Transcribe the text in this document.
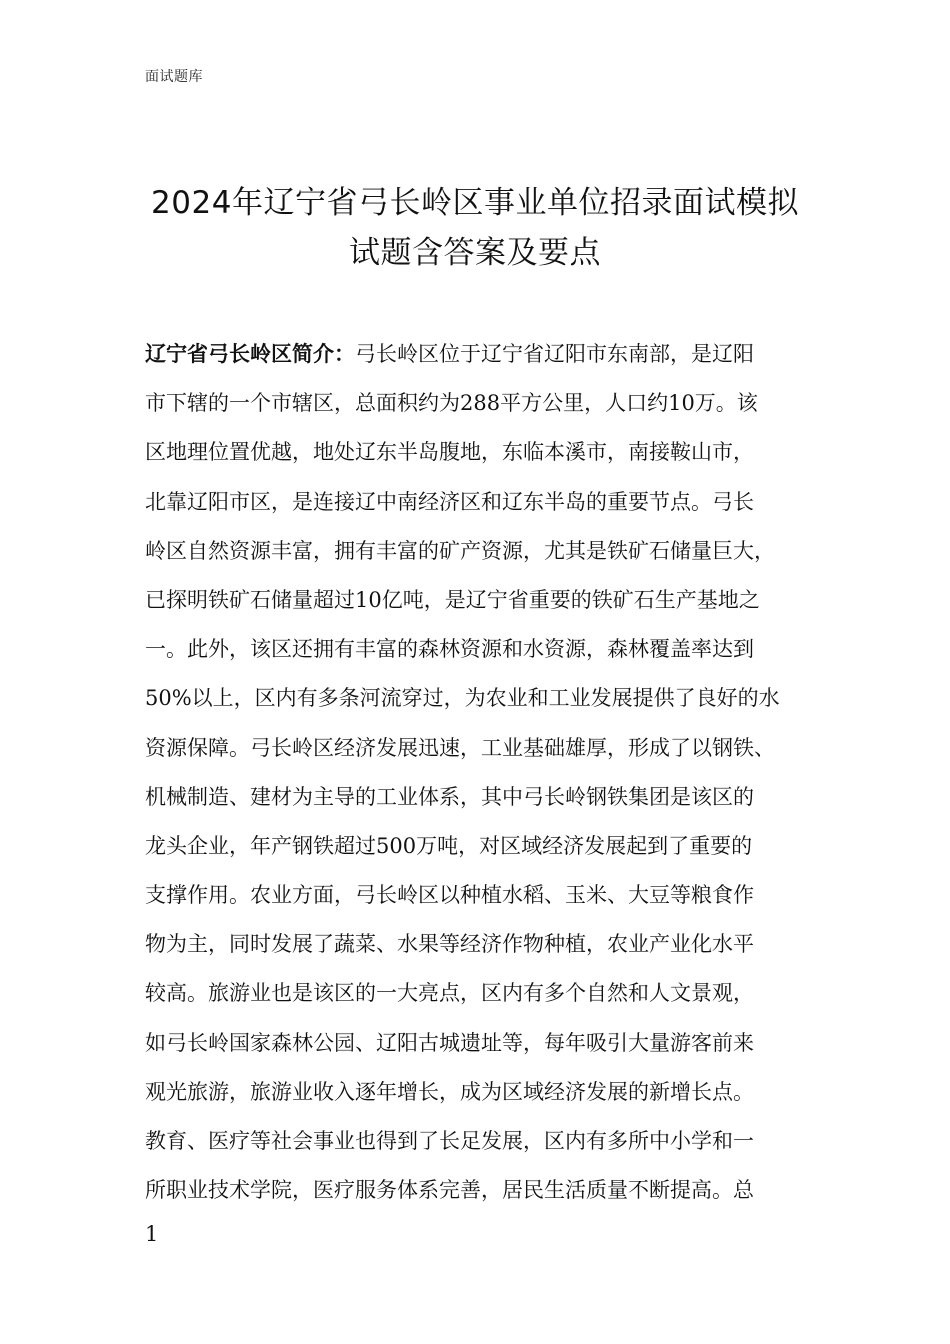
面试题库
2024年辽宁省弓长岭区事业单位招录面试模拟
试题含答案及要点
辽宁省弓长岭区简介：弓长岭区位于辽宁省辽阳市东南部，是辽阳
市下辖的一个市辖区，总面积约为288平方公里，人口约10万。该
区地理位置优越，地处辽东半岛腹地，东临本溪市，南接鞍山市，
北靠辽阳市区，是连接辽中南经济区和辽东半岛的重要节点。弓长
岭区自然资源丰富，拥有丰富的矿产资源，尤其是铁矿石储量巨大，
已探明铁矿石储量超过10亿吨，是辽宁省重要的铁矿石生产基地之
一。此外，该区还拥有丰富的森林资源和水资源，森林覆盖率达到
50%以上，区内有多条河流穿过，为农业和工业发展提供了良好的水
资源保障。弓长岭区经济发展迅速，工业基础雄厚，形成了以钢铁、
机械制造、建材为主导的工业体系，其中弓长岭钢铁集团是该区的
龙头企业，年产钢铁超过500万吨，对区域经济发展起到了重要的
支撑作用。农业方面，弓长岭区以种植水稻、玉米、大豆等粮食作
物为主，同时发展了蔬菜、水果等经济作物种植，农业产业化水平
较高。旅游业也是该区的一大亮点，区内有多个自然和人文景观，
如弓长岭国家森林公园、辽阳古城遗址等，每年吸引大量游客前来
观光旅游，旅游业收入逐年增长，成为区域经济发展的新增长点。
教育、医疗等社会事业也得到了长足发展，区内有多所中小学和一
所职业技术学院，医疗服务体系完善，居民生活质量不断提高。总
1
